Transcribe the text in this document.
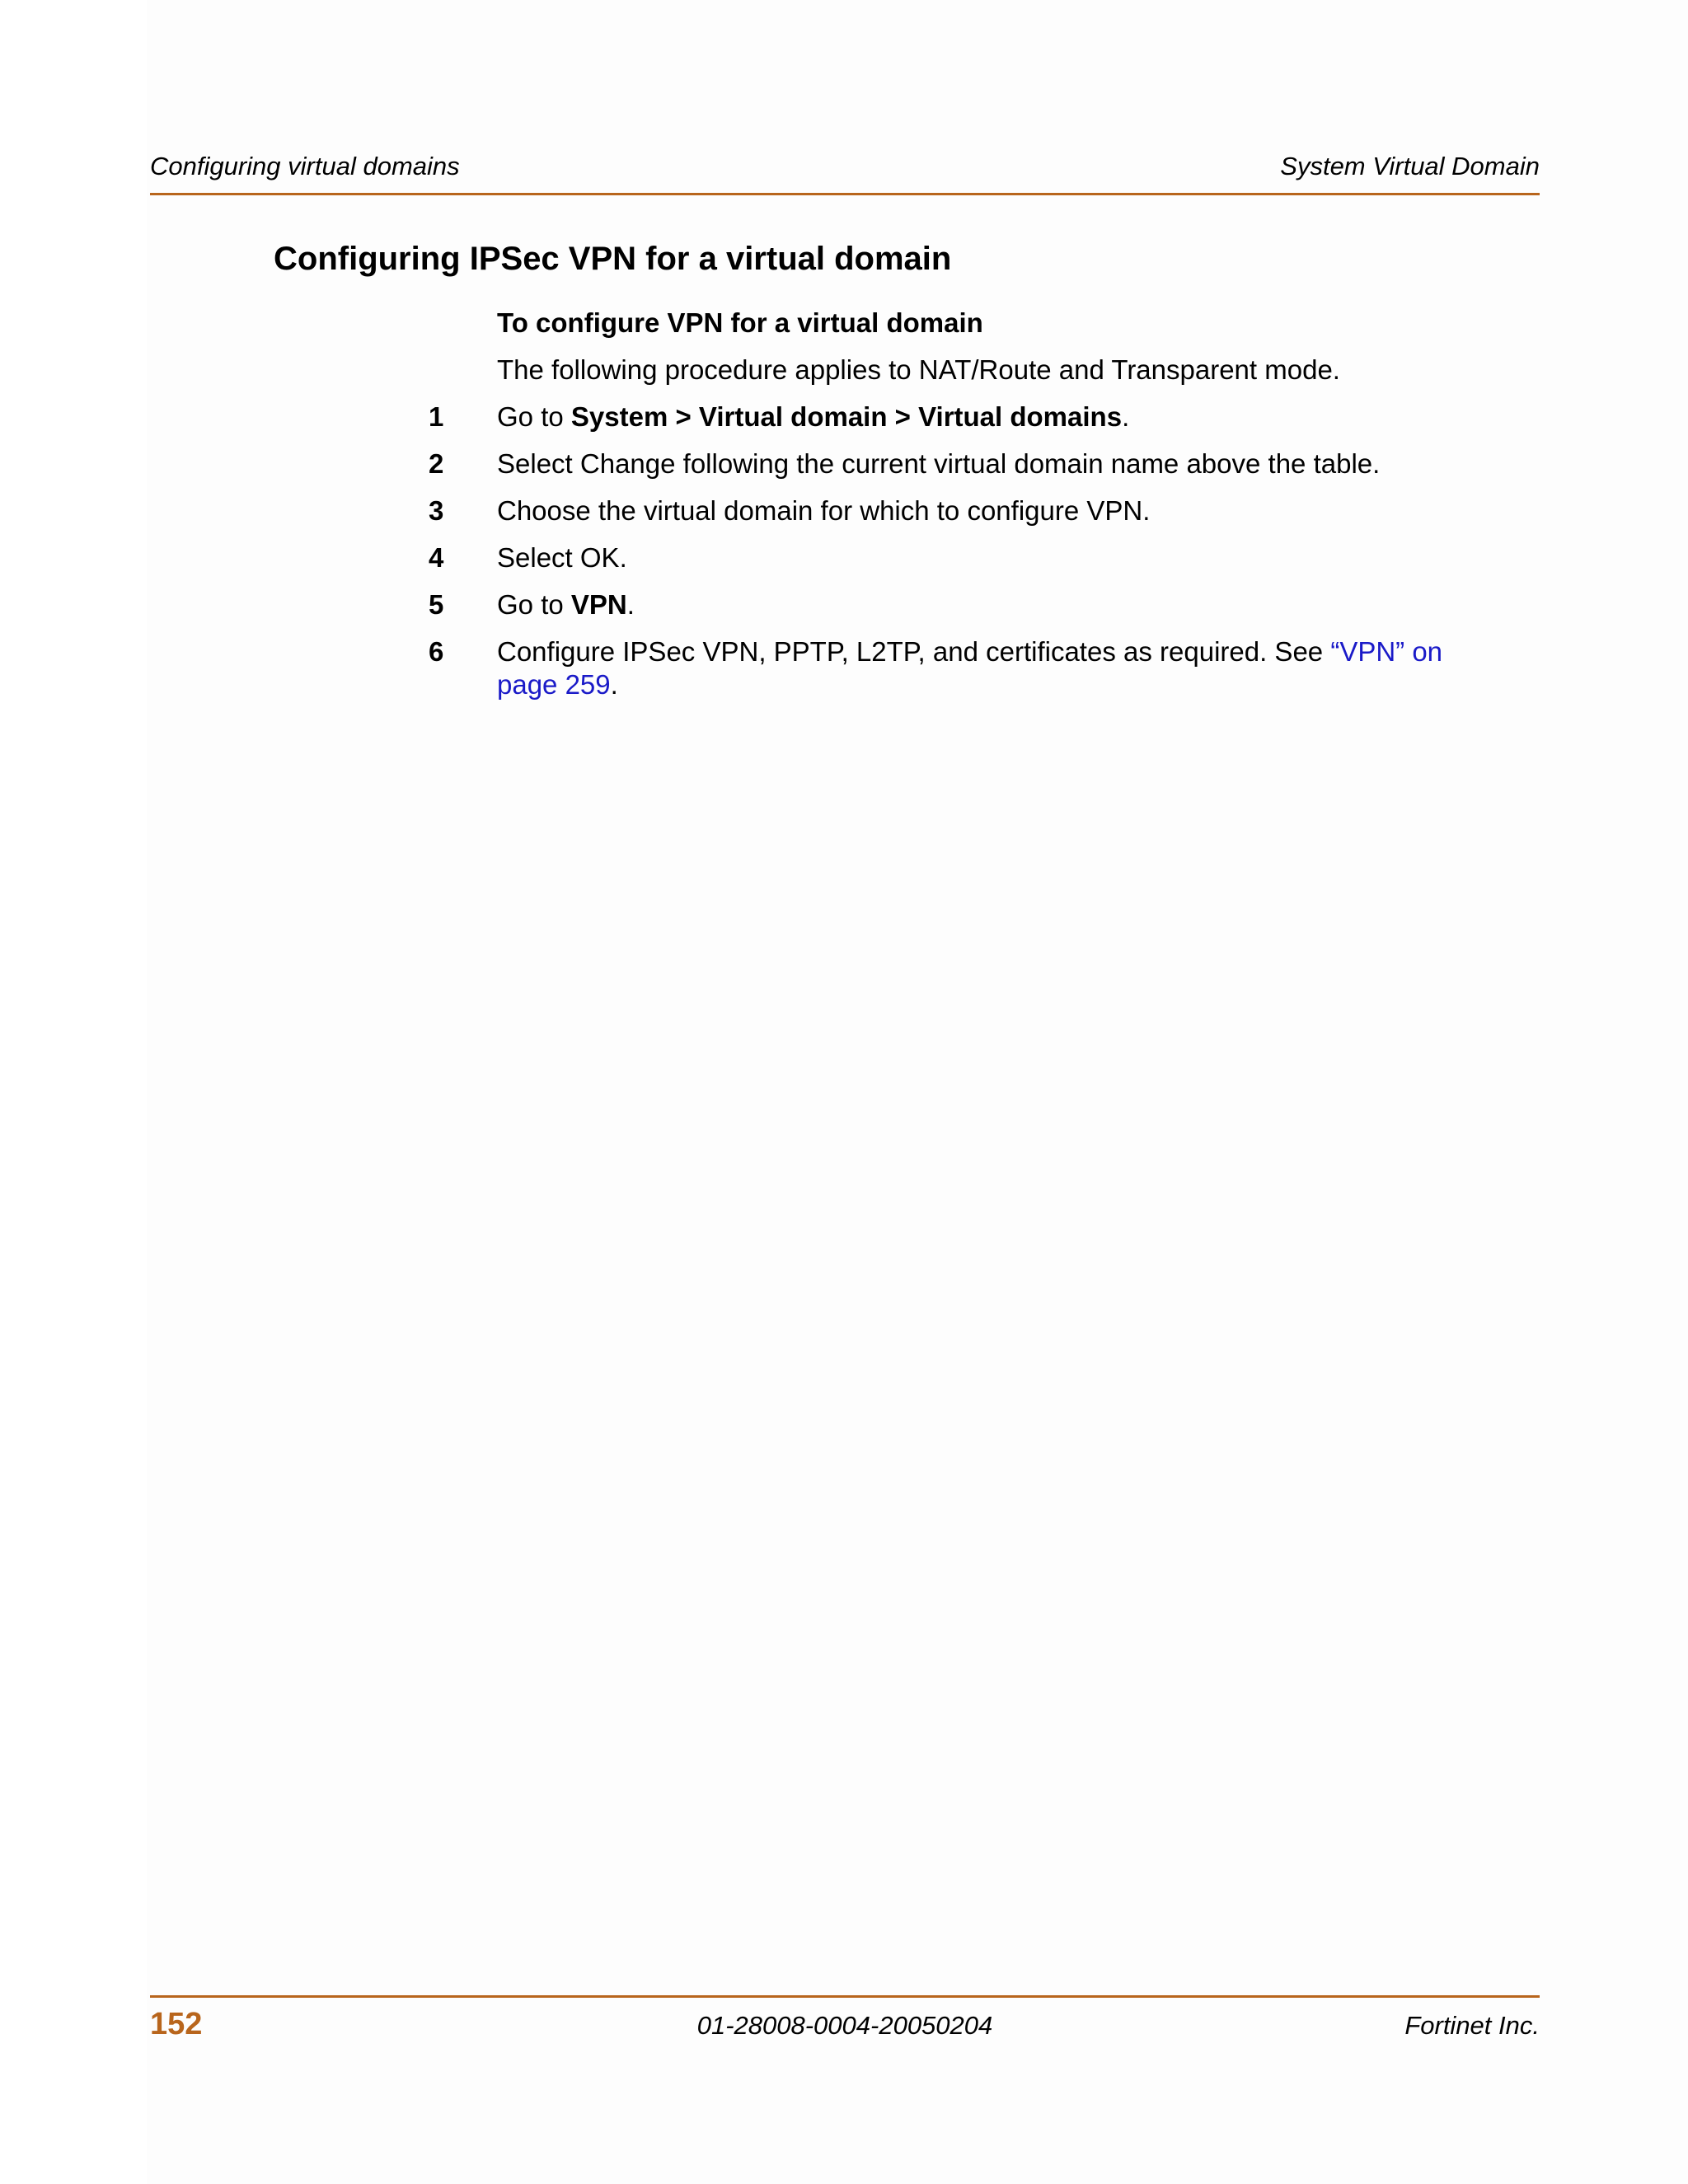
Configuring virtual domains	System Virtual Domain
Configuring IPSec VPN for a virtual domain

To configure VPN for a virtual domain

The following procedure applies to NAT/Route and Transparent mode.

1	Go to System > Virtual domain > Virtual domains.
2	Select Change following the current virtual domain name above the table.
3	Choose the virtual domain for which to configure VPN.
4	Select OK.
5	Go to VPN.
6	Configure IPSec VPN, PPTP, L2TP, and certificates as required. See “VPN” on page 259.
152	01-28008-0004-20050204	Fortinet Inc.
